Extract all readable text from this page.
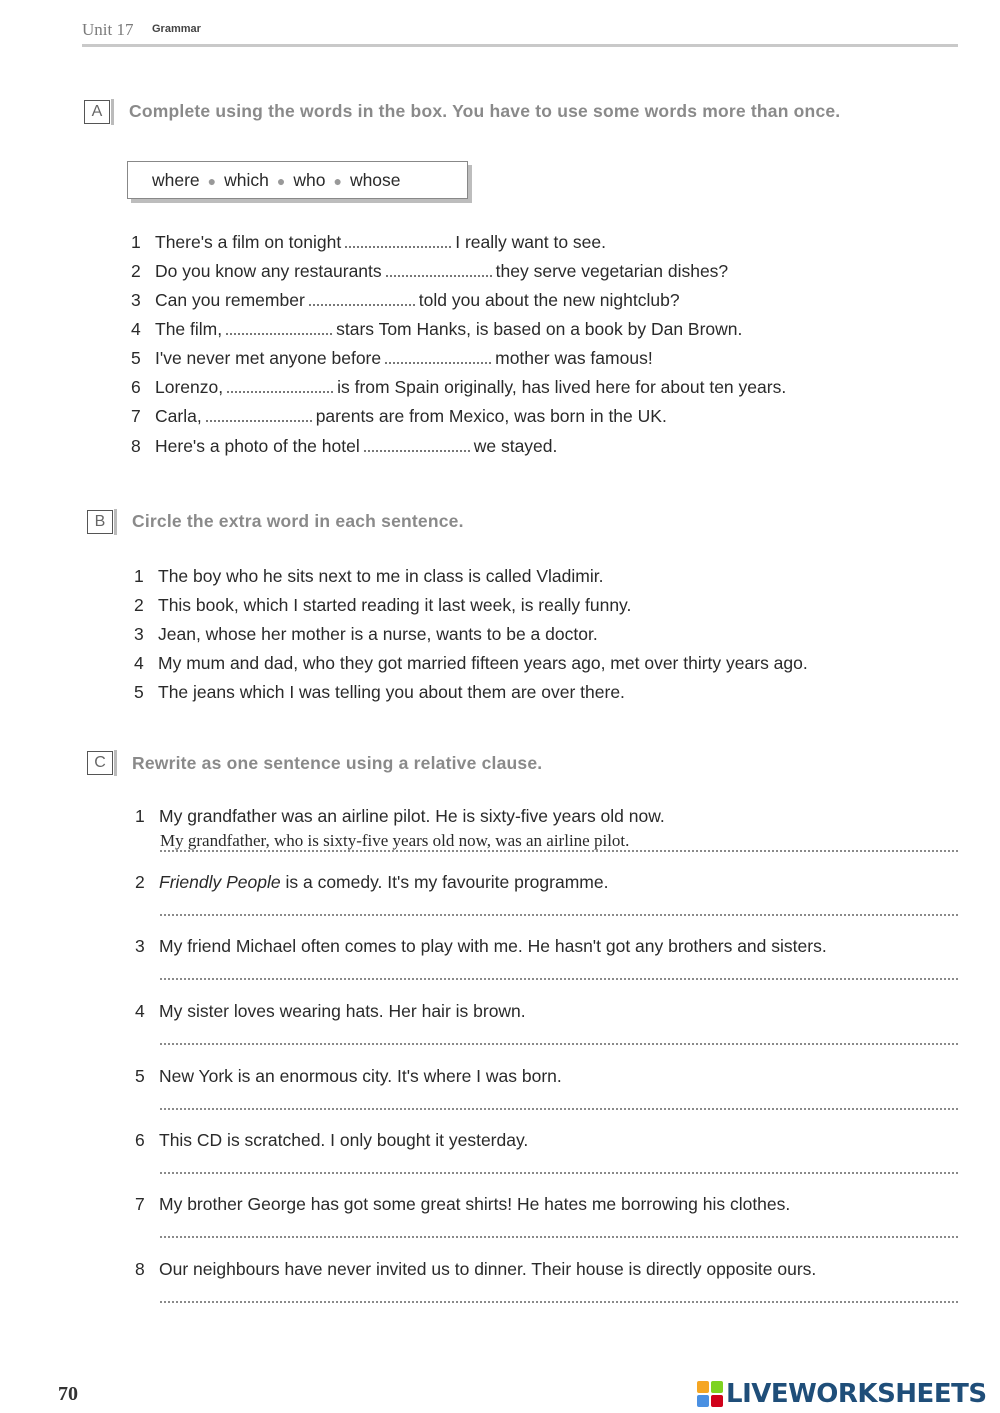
Unit 17 Grammar
A	Complete using the words in the box. You have to use some words more than once.
where ● which ● who ● whose
1 There's a film on tonight	I really want to see.
2 Do you know any restaurants	they serve vegetarian dishes?
3 Can you remember	told you about the new nightclub?
4 The film,	stars Tom Hanks, is based on a book by Dan Brown.
5 I've never met anyone before	mother was famous!
6 Lorenzo,	is from Spain originally, has lived here for about ten years.
7 Carla,	parents are from Mexico, was born in the UK.
8 Here's a photo of the hotel	we stayed.
B	Circle the extra word in each sentence.
1 The boy who he sits next to me in class is called Vladimir.
2 This book, which I started reading it last week, is really funny.
3 Jean, whose her mother is a nurse, wants to be a doctor.
4 My mum and dad, who they got married fifteen years ago, met over thirty years ago.
5 The jeans which I was telling you about them are over there.
C	Rewrite as one sentence using a relative clause.
1 My grandfather was an airline pilot. He is sixty-five years old now.
My grandfather, who is sixty-five years old now, was an airline pilot.
2 Friendly People is a comedy. It's my favourite programme.
3 My friend Michael often comes to play with me. He hasn't got any brothers and sisters.
4 My sister loves wearing hats. Her hair is brown.
5 New York is an enormous city. It's where I was born.
6 This CD is scratched. I only bought it yesterday.
7 My brother George has got some great shirts! He hates me borrowing his clothes.
8 Our neighbours have never invited us to dinner. Their house is directly opposite ours.
70	LIVEWORKSHEETS
